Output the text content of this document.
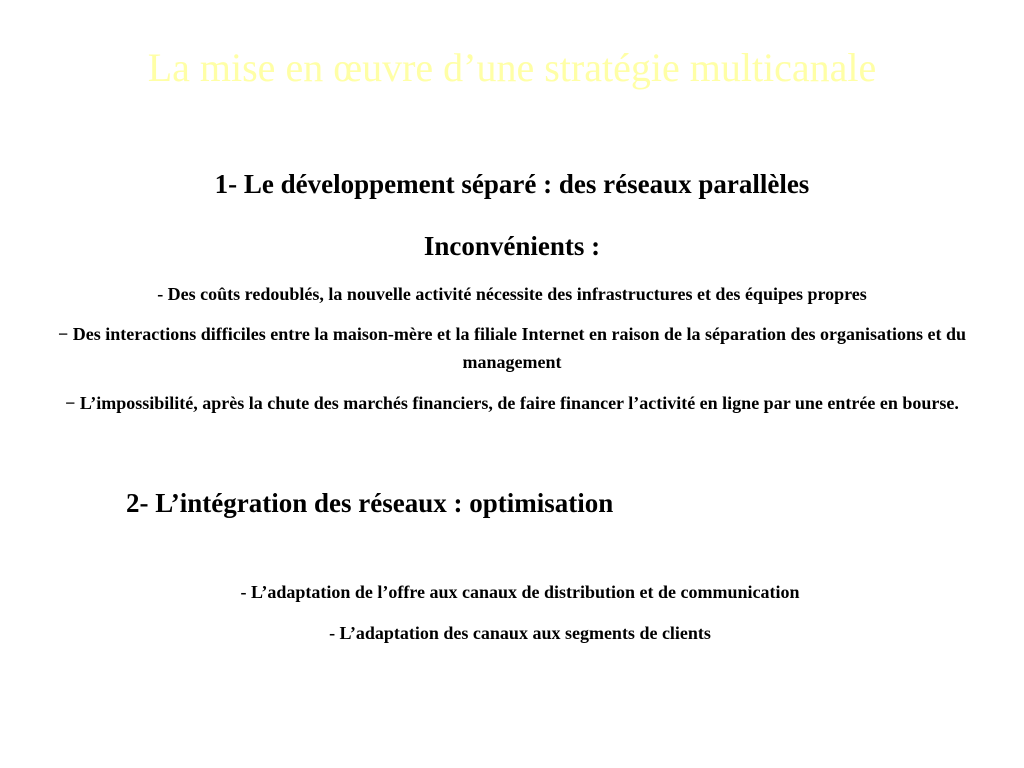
La mise en œuvre d’une stratégie multicanale
1- Le développement séparé : des réseaux parallèles
Inconvénients :
- Des coûts redoublés, la nouvelle activité nécessite des infrastructures et des équipes propres
− Des interactions difficiles entre la maison-mère et la filiale Internet en raison de la séparation des organisations et du management
− L’impossibilité, après la chute des marchés financiers, de faire financer l’activité en ligne par une entrée en bourse.
2- L’intégration des réseaux : optimisation
- L’adaptation de l’offre aux canaux de distribution et de communication
- L’adaptation des canaux aux segments de clients
